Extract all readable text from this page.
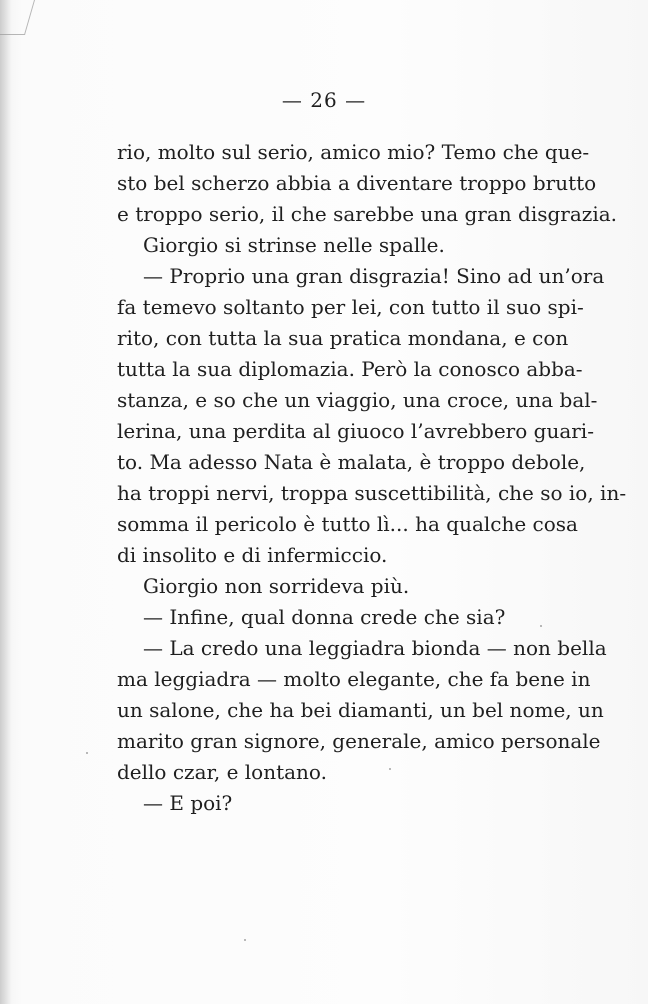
— 26 —
rio, molto sul serio, amico mio? Temo che que-
sto bel scherzo abbia a diventare troppo brutto
e troppo serio, il che sarebbe una gran disgrazia.
Giorgio si strinse nelle spalle.
— Proprio una gran disgrazia! Sino ad un’ora
fa temevo soltanto per lei, con tutto il suo spi-
rito, con tutta la sua pratica mondana, e con
tutta la sua diplomazia. Però la conosco abba-
stanza, e so che un viaggio, una croce, una bal-
lerina, una perdita al giuoco l’avrebbero guari-
to. Ma adesso Nata è malata, è troppo debole,
ha troppi nervi, troppa suscettibilità, che so io, in-
somma il pericolo è tutto lì... ha qualche cosa
di insolito e di infermiccio.
Giorgio non sorrideva più.
— Infine, qual donna crede che sia?
— La credo una leggiadra bionda — non bella
ma leggiadra — molto elegante, che fa bene in
un salone, che ha bei diamanti, un bel nome, un
marito gran signore, generale, amico personale
dello czar, e lontano.
— E poi?
